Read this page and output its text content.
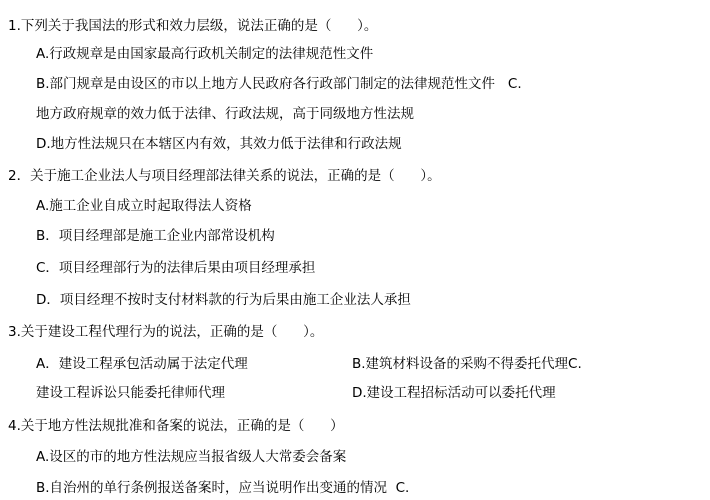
1.下列关于我国法的形式和效力层级，说法正确的是（      ）。
A.行政规章是由国家最高行政机关制定的法律规范性文件
B.部门规章是由设区的市以上地方人民政府各行政部门制定的法律规范性文件   C.
地方政府规章的效力低于法律、行政法规，高于同级地方性法规
D.地方性法规只在本辖区内有效，其效力低于法律和行政法规
2．关于施工企业法人与项目经理部法律关系的说法，正确的是（      ）。
A.施工企业自成立时起取得法人资格
B．项目经理部是施工企业内部常设机构
C．项目经理部行为的法律后果由项目经理承担
D．项目经理不按时支付材料款的行为后果由施工企业法人承担
3.关于建设工程代理行为的说法，正确的是（      ）。
A．建设工程承包活动属于法定代理	B.建筑材料设备的采购不得委托代理C.
建设工程诉讼只能委托律师代理	D.建设工程招标活动可以委托代理
4.关于地方性法规批准和备案的说法，正确的是（      ）
A.设区的市的地方性法规应当报省级人大常委会备案
B.自治州的单行条例报送备案时，应当说明作出变通的情况  C.
